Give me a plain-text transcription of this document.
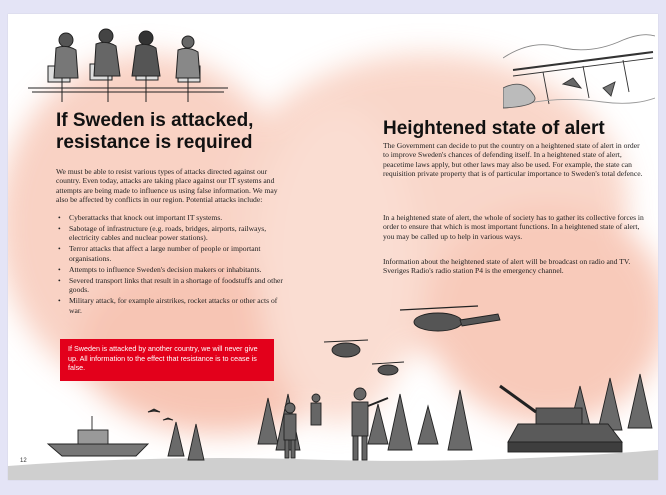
If Sweden is attacked,
resistance is required

We must be able to resist various types of attacks directed against our country. Even today, attacks are taking place against our IT systems and attempts are being made to influence us using false information. We may also be affected by conflicts in our region. Potential attacks include:

• Cyberattacks that knock out important IT systems.
• Sabotage of infrastructure (e.g. roads, bridges, airports, railways, electricity cables and nuclear power stations).
• Terror attacks that affect a large number of people or important organisations.
• Attempts to influence Sweden's decision makers or inhabitants.
• Severed transport links that result in a shortage of foodstuffs and other goods.
• Military attack, for example airstrikes, rocket attacks or other acts of war.
If Sweden is attacked by another country, we will never give up. All information to the effect that resistance is to cease is false.
12
Heightened state of alert

The Government can decide to put the country on a heightened state of alert in order to improve Sweden's chances of defending itself. In a heightened state of alert, peacetime laws apply, but other laws may also be used. For example, the state can requisition private property that is of particular importance to Sweden's total defence.

In a heightened state of alert, the whole of society has to gather its collective forces in order to ensure that which is most important functions. In a heightened state of alert, you may be called up to help in various ways.

Information about the heightened state of alert will be broadcast on radio and TV. Sveriges Radio's radio station P4 is the emergency channel.
